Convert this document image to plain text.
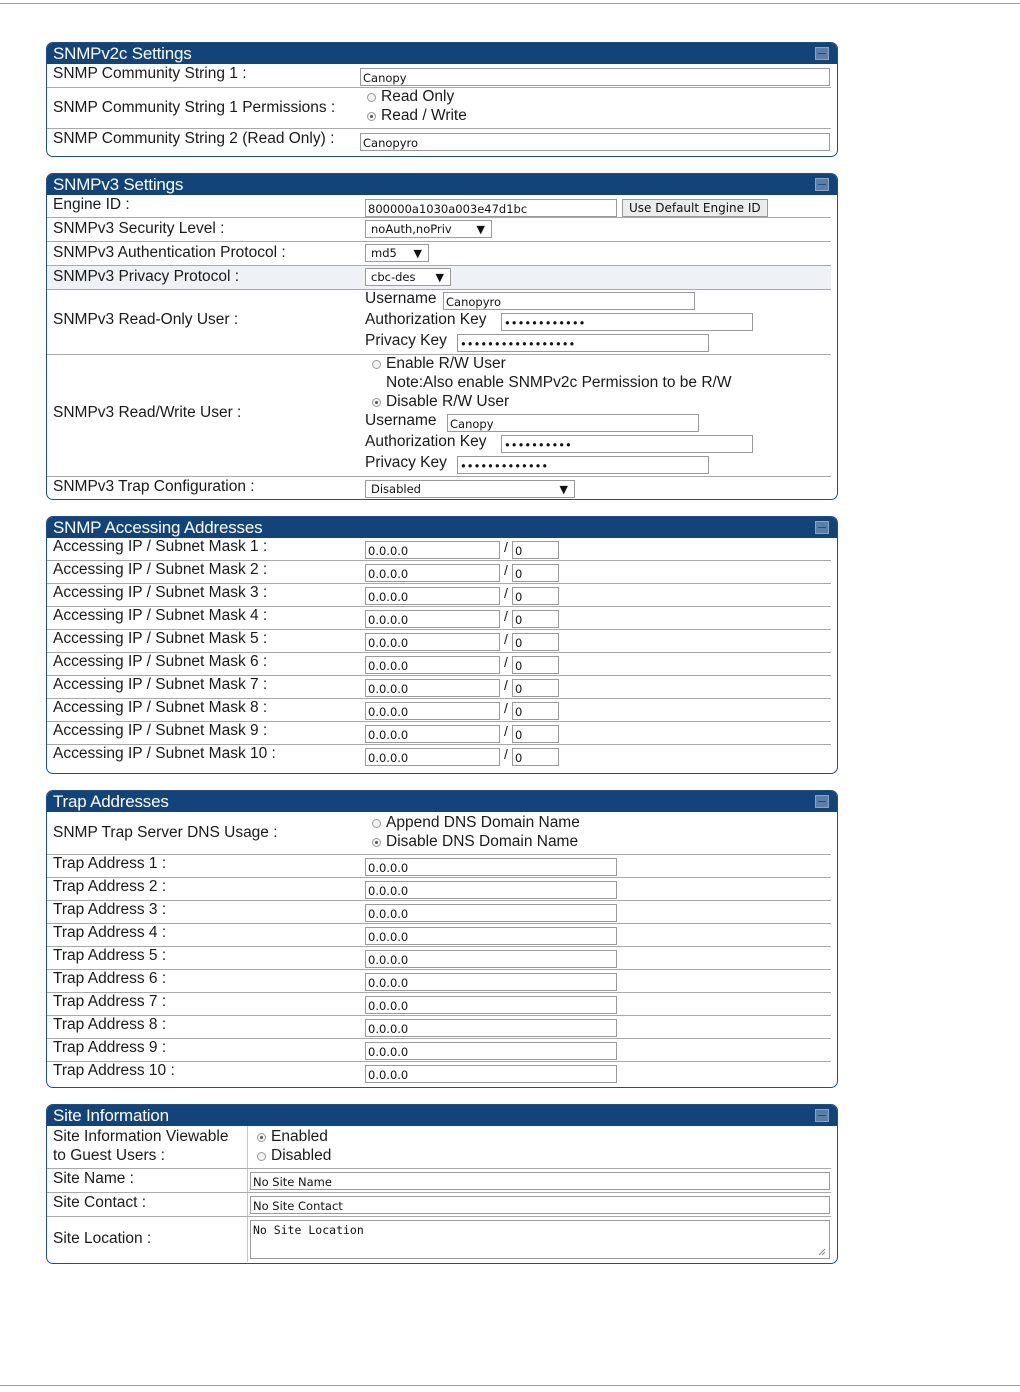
SNMPv2c Settings
SNMP Community String 1 :	Canopy
SNMP Community String 1 Permissions :
Read Only
Read / Write
SNMP Community String 2 (Read Only) : Canopyro
SNMPv3 Settings
Engine ID :	800000a1030a003e47d1bc	Use Default Engine ID
SNMPv3 Security Level :	noAuth,noPriv ▼
SNMPv3 Authentication Protocol :	md5 ▼
SNMPv3 Privacy Protocol :	cbc-des ▼
SNMPv3 Read-Only User :
Username Canopyro
Authorization Key ••••••••••••
Privacy Key •••••••••••••••••
SNMPv3 Read/Write User :
Enable R/W User
Note:Also enable SNMPv2c Permission to be R/W
Disable R/W User
Username Canopy
Authorization Key ••••••••••
Privacy Key •••••••••••••
SNMPv3 Trap Configuration :	Disabled	▼
SNMP Accessing Addresses
Accessing IP / Subnet Mask 1 :	0.0.0.0	/ 0
Accessing IP / Subnet Mask 2 :	0.0.0.0	/ 0
Accessing IP / Subnet Mask 3 :	0.0.0.0	/ 0
Accessing IP / Subnet Mask 4 :	0.0.0.0	/ 0
Accessing IP / Subnet Mask 5 :	0.0.0.0	/ 0
Accessing IP / Subnet Mask 6 :	0.0.0.0	/ 0
Accessing IP / Subnet Mask 7 :	0.0.0.0	/ 0
Accessing IP / Subnet Mask 8 :	0.0.0.0	/ 0
Accessing IP / Subnet Mask 9 :	0.0.0.0	/ 0
Accessing IP / Subnet Mask 10 :	0.0.0.0	/ 0
Trap Addresses
SNMP Trap Server DNS Usage :
Append DNS Domain Name
Disable DNS Domain Name
Trap Address 1 :	0.0.0.0
Trap Address 2 :	0.0.0.0
Trap Address 3 :	0.0.0.0
Trap Address 4 :	0.0.0.0
Trap Address 5 :	0.0.0.0
Trap Address 6 :	0.0.0.0
Trap Address 7 :	0.0.0.0
Trap Address 8 :	0.0.0.0
Trap Address 9 :	0.0.0.0
Trap Address 10 :	0.0.0.0
Site Information
Site Information Viewable
to Guest Users :
Enabled
Disabled
Site Name :	No Site Name
Site Contact :	No Site Contact
Site Location :	No Site Location
